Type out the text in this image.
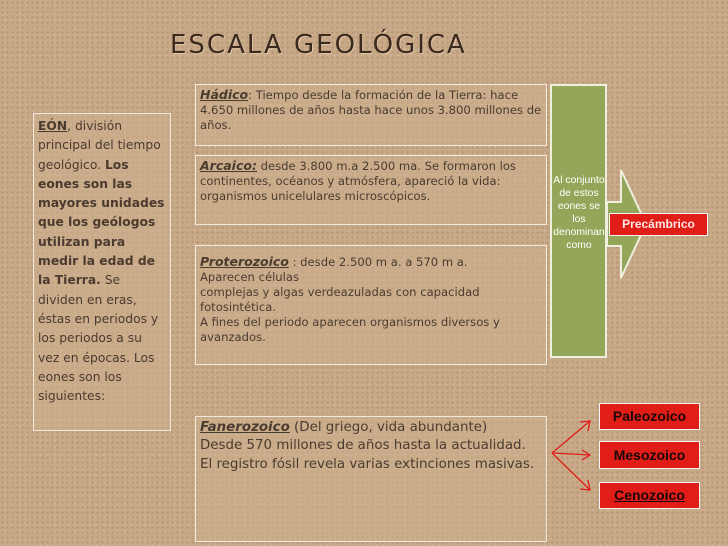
ESCALA GEOLÓGICA
EÓN, división principal del tiempo geológico. Los eones son las mayores unidades que los geólogos utilizan para medir la edad de la Tierra. Se dividen en eras, éstas en periodos y los periodos a su vez en épocas. Los eones son los siguientes:
Hádico: Tiempo desde la formación de la Tierra: hace 4.650 millones de años hasta hace unos 3.800 millones de años.
Arcaico: desde 3.800 m.a 2.500 ma. Se formaron los continentes, océanos y atmósfera, apareció la vida: organismos unicelulares microscópicos.
Proterozoico : desde 2.500 m a. a 570 m a.
Aparecen células
complejas y algas verdeazuladas con capacidad fotosintética.
A fines del periodo aparecen organismos diversos y avanzados.
Fanerozoico (Del griego, vida abundante)
Desde 570 millones de años hasta la actualidad.
El registro fósil revela varias extinciones masivas.
Al conjunto de estos eones se los denominan como
Precámbrico
Paleozoico
Mesozoico
Cenozoico
